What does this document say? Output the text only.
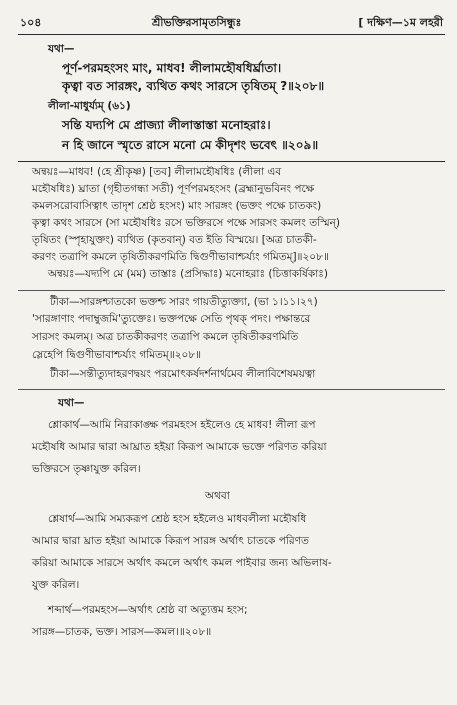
১০৪	শ্রীভক্তিরসামৃতসিন্ধুঃ	[ দক্ষিণ—১ম লহরী
যথা—
পূর্ণ-পরমহংসং মাং, মাধব! লীলামহৌষধির্ঘ্রাতা।
কৃত্বা বত সারঙ্গং, ব্যথিত কথং সারসে তৃষিতম্ ?॥২০৮॥
লীলা-মাধুর্য্যম্ (৬১)
সন্তি যদ্যপি মে প্রাজ্যা লীলাস্তাস্তা মনোহরাঃ।
ন হি জানে স্মৃতে রাসে মনো মে কীদৃশং ভবেৎ ॥২০৯॥
অন্বয়ঃ—মাধব! (হে শ্রীকৃষ্ণ) [তব] লীলামহৌষধিঃ (লীলা এব
মহৌষধিঃ) ঘ্রাতা (গৃহীতগন্ধা সতী) পূর্ণপরমহংসং (ব্রহ্মানুভবিনং পক্ষে
কমলসরোবাসিত্বাৎ তাদৃশ শ্রেষ্ঠ হংসং) মাং সারঙ্গং (ভক্তং পক্ষে চাতকং)
কৃত্বা কথং সারসে (সা মহৌষধিঃ রসে ভক্তিরসে পক্ষে সারসং কমলং তস্মিন্)
তৃষিতং (স্পৃহাযুক্তং) ব্যথিত (কৃতবান্) বত ইতি বিস্ময়ে। [অত্র চাতকী-
করণং তত্রাপি কমলে তৃষিতীকরণমিতি দ্বিগুণীভাবাশ্চর্য্যং গমিতম্]॥২০৮॥
অন্বয়ঃ—যদ্যপি মে (মম) তাস্তাঃ (প্রসিদ্ধাঃ) মনোহরাঃ (চিত্তাকর্ষিকাঃ)
টীকা—সারঙ্গশ্চাতকো ভক্তশ্চ সারং গায়তীত্যুক্ত্যা, (ভা ১।১১।২৭)
'সারঙ্গাণাং পদাম্বুজমি'ত্যুক্তেঃ। ভক্তপক্ষে সেতি পৃথক্ পদং। পক্ষান্তরে
সারসং কমলম্। অত্র চাতকীকরণং তত্রাপি কমলে তৃষিতীকরণমিতি
স্লেহেপি দ্বিগুণীভাবাশ্চর্য্যং গমিতম্॥২০৮॥
টীকা—সন্তীত্যুদাহরণদ্বয়ং পরমোৎকর্ষদর্শনার্থমেব লীলাবিশেষময়ত্বা
যথা—
শ্লোকার্থ—আমি নিরাকাঙ্ক্ষ পরমহংস হইলেও হে মাধব! লীলা রূপ
মহৌষধি আমার দ্বারা আঘ্রাত হইয়া কিরূপ আমাকে ভক্তে পরিণত করিয়া
ভক্তিরসে তৃষ্ণাযুক্ত করিল।
অথবা
শ্লেষার্থ—আমি সম্যকরূপ শ্রেষ্ঠ হংস হইলেও মাধবলীলা মহৌষধি
আমার দ্বারা ঘ্রাত হইয়া আমাকে কিরূপ সারঙ্গ অর্থাৎ চাতকে পরিণত
করিয়া আমাকে সারসে অর্থাৎ কমলে অর্থাৎ কমল পাইবার জন্য অভিলাষ-
যুক্ত করিল।
শব্দার্থ—পরমহংস—অর্থাৎ শ্রেষ্ঠ বা অত্যুত্তম হংস;
সারঙ্গ—চাতক, ভক্ত। সারস—কমল।॥২০৮॥
